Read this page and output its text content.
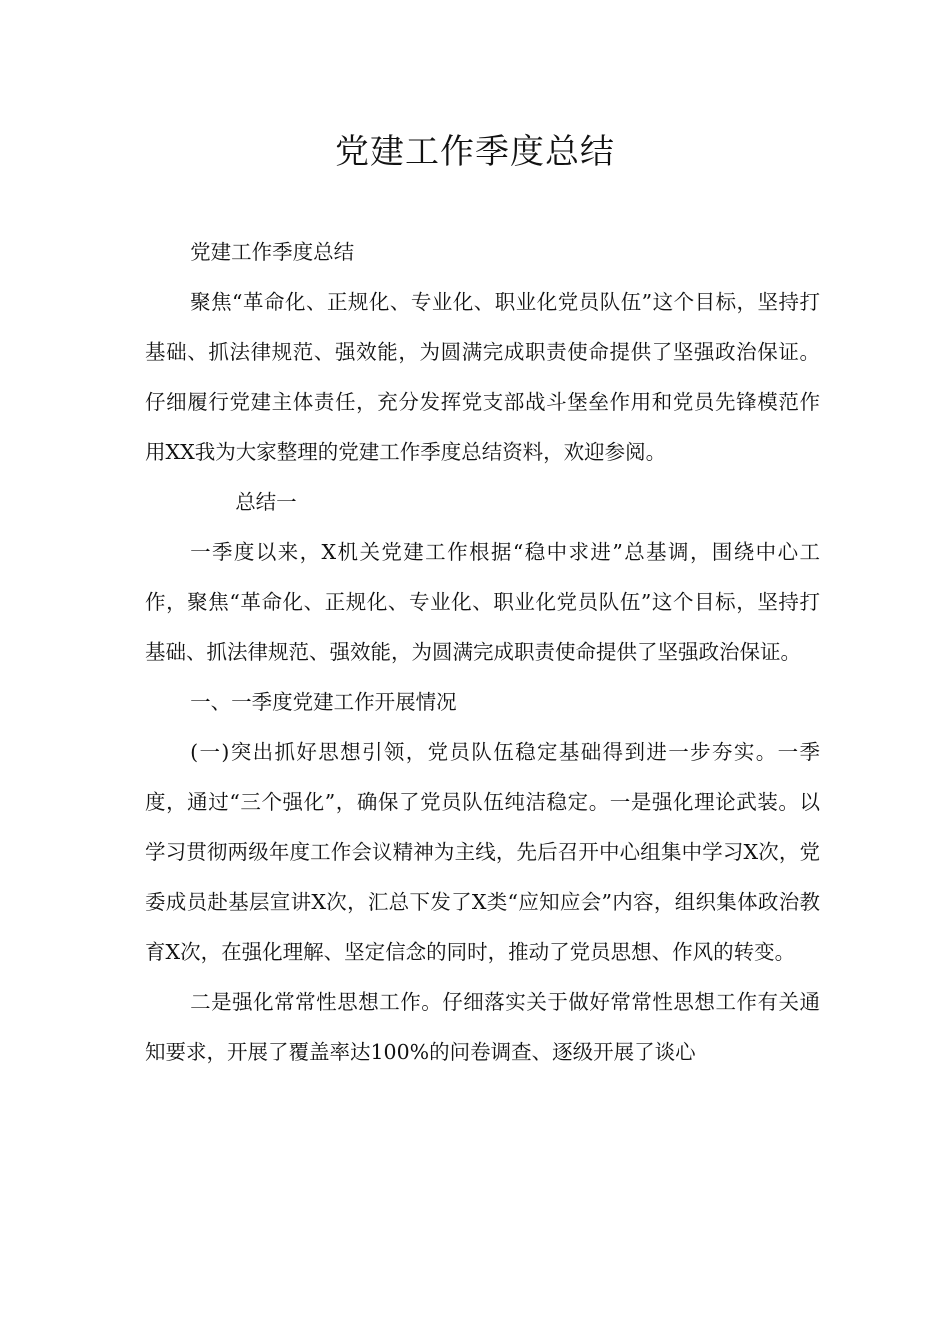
党建工作季度总结

党建工作季度总结

聚焦“革命化、正规化、专业化、职业化党员队伍”这个目标，坚持打基础、抓法律规范、强效能，为圆满完成职责使命提供了坚强政治保证。仔细履行党建主体责任，充分发挥党支部战斗堡垒作用和党员先锋模范作用XX我为大家整理的党建工作季度总结资料，欢迎参阅。

总结一

一季度以来，X机关党建工作根据“稳中求进”总基调，围绕中心工作，聚焦“革命化、正规化、专业化、职业化党员队伍”这个目标，坚持打基础、抓法律规范、强效能，为圆满完成职责使命提供了坚强政治保证。

一、一季度党建工作开展情况

(一)突出抓好思想引领，党员队伍稳定基础得到进一步夯实。一季度，通过“三个强化”，确保了党员队伍纯洁稳定。一是强化理论武装。以学习贯彻两级年度工作会议精神为主线，先后召开中心组集中学习X次，党委成员赴基层宣讲X次，汇总下发了X类“应知应会”内容，组织集体政治教育X次，在强化理解、坚定信念的同时，推动了党员思想、作风的转变。

二是强化常常性思想工作。仔细落实关于做好常常性思想工作有关通知要求，开展了覆盖率达100%的问卷调查、逐级开展了谈心
